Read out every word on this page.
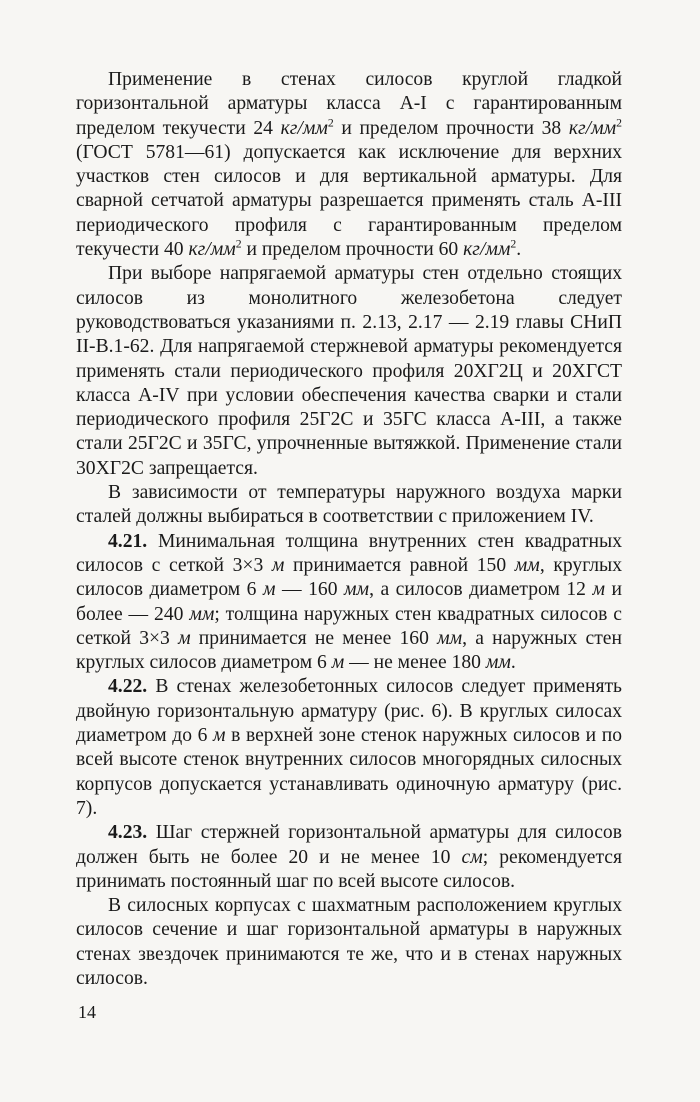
Применение в стенах силосов круглой гладкой горизонтальной арматуры класса А-I с гарантированным пределом текучести 24 $кг/мм^2$ и пределом прочности 38 $кг/мм^2$ (ГОСТ 5781—61) допускается как исключение для верхних участков стен силосов и для вертикальной арматуры. Для сварной сетчатой арматуры разрешается применять сталь А-III периодического профиля с гарантированным пределом текучести 40 $кг/мм^2$ и пределом прочности 60 $кг/мм^2$.

При выборе напрягаемой арматуры стен отдельно стоящих силосов из монолитного железобетона следует руководствоваться указаниями п. 2.13, 2.17 — 2.19 главы СНиП II-В.1-62. Для напрягаемой стержневой арматуры рекомендуется применять стали периодического профиля 20ХГ2Ц и 20ХГСТ класса А-IV при условии обеспечения качества сварки и стали периодического профиля 25Г2С и 35ГС класса А-III, а также стали 25Г2С и 35ГС, упрочненные вытяжкой. Применение стали 30ХГ2С запрещается.

В зависимости от температуры наружного воздуха марки сталей должны выбираться в соответствии с приложением IV.

4.21. Минимальная толщина внутренних стен квадратных силосов с сеткой 3×3 м принимается равной 150 мм, круглых силосов диаметром 6 м — 160 мм, а силосов диаметром 12 м и более — 240 мм; толщина наружных стен квадратных силосов с сеткой 3×3 м принимается не менее 160 мм, а наружных стен круглых силосов диаметром 6 м — не менее 180 мм.

4.22. В стенах железобетонных силосов следует применять двойную горизонтальную арматуру (рис. 6). В круглых силосах диаметром до 6 м в верхней зоне стенок наружных силосов и по всей высоте стенок внутренних силосов многорядных силосных корпусов допускается устанавливать одиночную арматуру (рис. 7).

4.23. Шаг стержней горизонтальной арматуры для силосов должен быть не более 20 и не менее 10 см; рекомендуется принимать постоянный шаг по всей высоте силосов.

В силосных корпусах с шахматным расположением круглых силосов сечение и шаг горизонтальной арматуры в наружных стенах звездочек принимаются те же, что и в стенах наружных силосов.

14
